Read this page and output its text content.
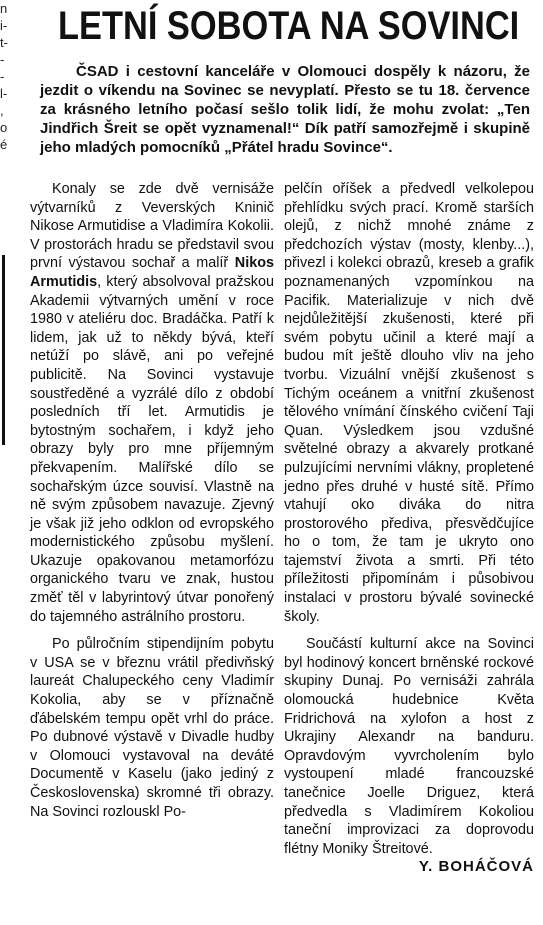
n
i-
t-
-
-
l-
,
o
é
LETNÍ SOBOTA NA SOVINCI

ČSAD i cestovní kanceláře v Olomouci dospěly k názoru, že jezdit o víkendu na Sovinec se nevyplatí. Přesto se tu 18. července za krásného letního počasí sešlo tolik lidí, že mohu zvolat: „Ten Jindřich Šreit se opět vyznamenal!“ Dík patří samozřejmě i skupině jeho mladých pomocníků „Přátel hradu Sovince“.

Konaly se zde dvě vernisáže výtvarníků z Veverských Kninič Nikose Armutidise a Vladimíra Kokolii. V prostorách hradu se představil svou první výstavou sochař a malíř Nikos Armutidis, který absolvoval pražskou Akademii výtvarných umění v roce 1980 v ateliéru doc. Bradáčka. Patří k lidem, jak už to někdy bývá, kteří netúží po slávě, ani po veřejné publicitě. Na Sovinci vystavuje soustředěné a vyzrálé dílo z období posledních tří let. Armutidis je bytostným sochařem, i když jeho obrazy byly pro mne příjemným překvapením. Malířské dílo se sochařským úzce souvisí. Vlastně na ně svým způsobem navazuje. Zjevný je však již jeho odklon od evropského modernistického způsobu myšlení. Ukazuje opakovanou metamorfózu organického tvaru ve znak, hustou změť těl v labyrintový útvar ponořený do tajemného astrálního prostoru.

Po půlročním stipendijním pobytu v USA se v březnu vrátil předivňský laureát Chalupeckého ceny Vladimír Kokolia, aby se v příznačně ďábelském tempu opět vrhl do práce. Po dubnové výstavě v Divadle hudby v Olomouci vystavoval na deváté Documentě v Kaselu (jako jediný z Československa) skromné tři obrazy. Na Sovinci rozlouskl Po-

pelčín oříšek a předvedl velkolepou přehlídku svých prací. Kromě starších olejů, z nichž mnohé známe z předchozích výstav (mosty, klenby...), přivezl i kolekci obrazů, kreseb a grafik poznamenaných vzpomínkou na Pacifik. Materializuje v nich dvě nejdůležitější zkušenosti, které při svém pobytu učinil a které mají a budou mít ještě dlouho vliv na jeho tvorbu. Vizuální vnější zkušenost s Tichým oceánem a vnitřní zkušenost tělového vnímání čínského cvičení Taji Quan. Výsledkem jsou vzdušné světelné obrazy a akvarely protkané pulzujícími nervními vlákny, propletené jedno přes druhé v husté sítě. Přímo vtahují oko diváka do nitra prostorového přediva, přesvědčujíce ho o tom, že tam je ukryto ono tajemství života a smrti. Při této příležitosti připomínám i působivou instalaci v prostoru bývalé sovinecké školy.

Součástí kulturní akce na Sovinci byl hodinový koncert brněnské rockové skupiny Dunaj. Po vernisáži zahrála olomoucká hudebnice Květa Fridrichová na xylofon a host z Ukrajiny Alexandr na banduru. Opravdovým vyvrcholením bylo vystoupení mladé francouzské tanečnice Joelle Driguez, která předvedla s Vladimírem Kokoliou taneční improvizaci za doprovodu flétny Moniky Štreitové.
Y. BOHÁČOVÁ
